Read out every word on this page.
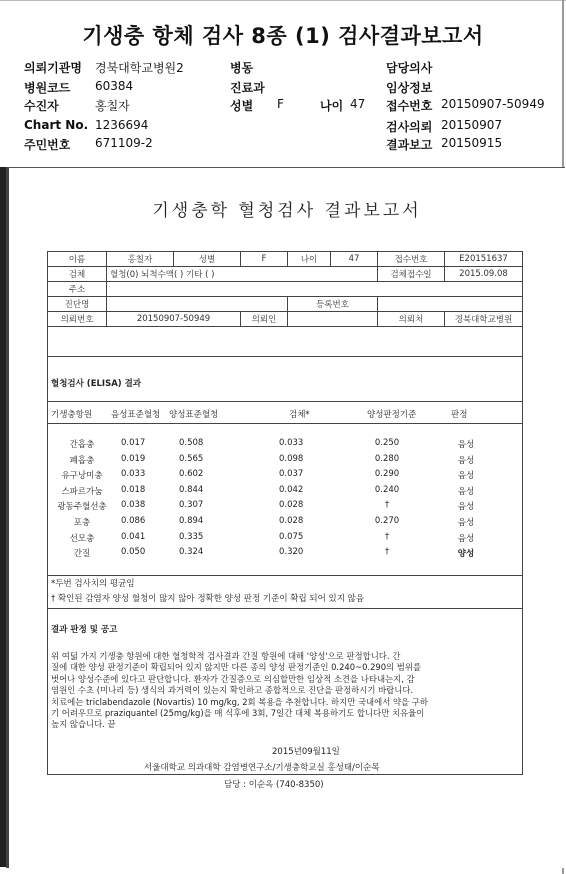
기생충 항체 검사 8종 (1) 검사결과보고서
의뢰기관명 경북대학교병원2
병원코드 60384
수진자	홍칠자
Chart No. 1236694
주민번호 671109-2
병동
진료과
성별 F	나이 47
담당의사
임상정보
접수번호 20150907-50949
검사의뢰 20150907
결과보고 20150915
기생충학 혈청검사 결과보고서
이름	홍칠자	성별	F	나이	47	접수번호	E20151637
검체	혈청(0) 뇌척수액( ) 기타 ( )					검체접수일	2015.09.08
주소							
진단명				등록번호			
의뢰번호	20150907-50949		의뢰인			의뢰처	경북대학교병원
혈청검사 (ELISA) 결과
기생충항원 음성표준혈청 양성표준혈청	검체*	양성판정기준	판정
간흡충	0.017	0.508	0.033	0.250	음성
폐흡충	0.019	0.565	0.098	0.280	음성
유구낭미충	0.033	0.602	0.037	0.290	음성
스파르가눔	0.018	0.844	0.042	0.240	음성
광동주혈선충	0.038	0.307	0.028	†	음성
포충	0.086	0.894	0.028	0.270	음성
선모충	0.041	0.335	0.075	†	음성
간질	0.050	0.324	0.320	†	양성
*두번 검사치의 평균임
† 확인된 감염자 양성 혈청이 많지 않아 정확한 양성 판정 기준이 확립 되어 있지 않음
결과 판정 및 공고
위 여덟 가지 기생충 항원에 대한 혈청학적 검사결과 간질 항원에 대해 '양성'으로 판정합니다. 간
질에 대한 양성 판정기준이 확립되어 있지 않지만 다른 종의 양성 판정기준인 0.240~0.290의 범위를
벗어나 양성수준에 있다고 판단합니다. 환자가 간질증으로 의심할만한 임상적 소견을 나타내는지, 감
염원인 수초 (미나리 등) 생식의 과거력이 있는지 확인하고 종합적으로 진단을 판정하시기 바랍니다.
치료에는 triclabendazole (Novartis) 10 mg/kg, 2회 복용을 추천합니다. 하지만 국내에서 약을 구하
기 어려우므로 praziquantel (25mg/kg)을 매 식후에 3회, 7일간 대체 복용하기도 합니다만 치유율이
높지 않습니다. 끝
2015년09월11일
서울대학교 의과대학 감염병연구소/기생충학교실 홍성태/이순목
담당 : 이순옥 (740-8350)
